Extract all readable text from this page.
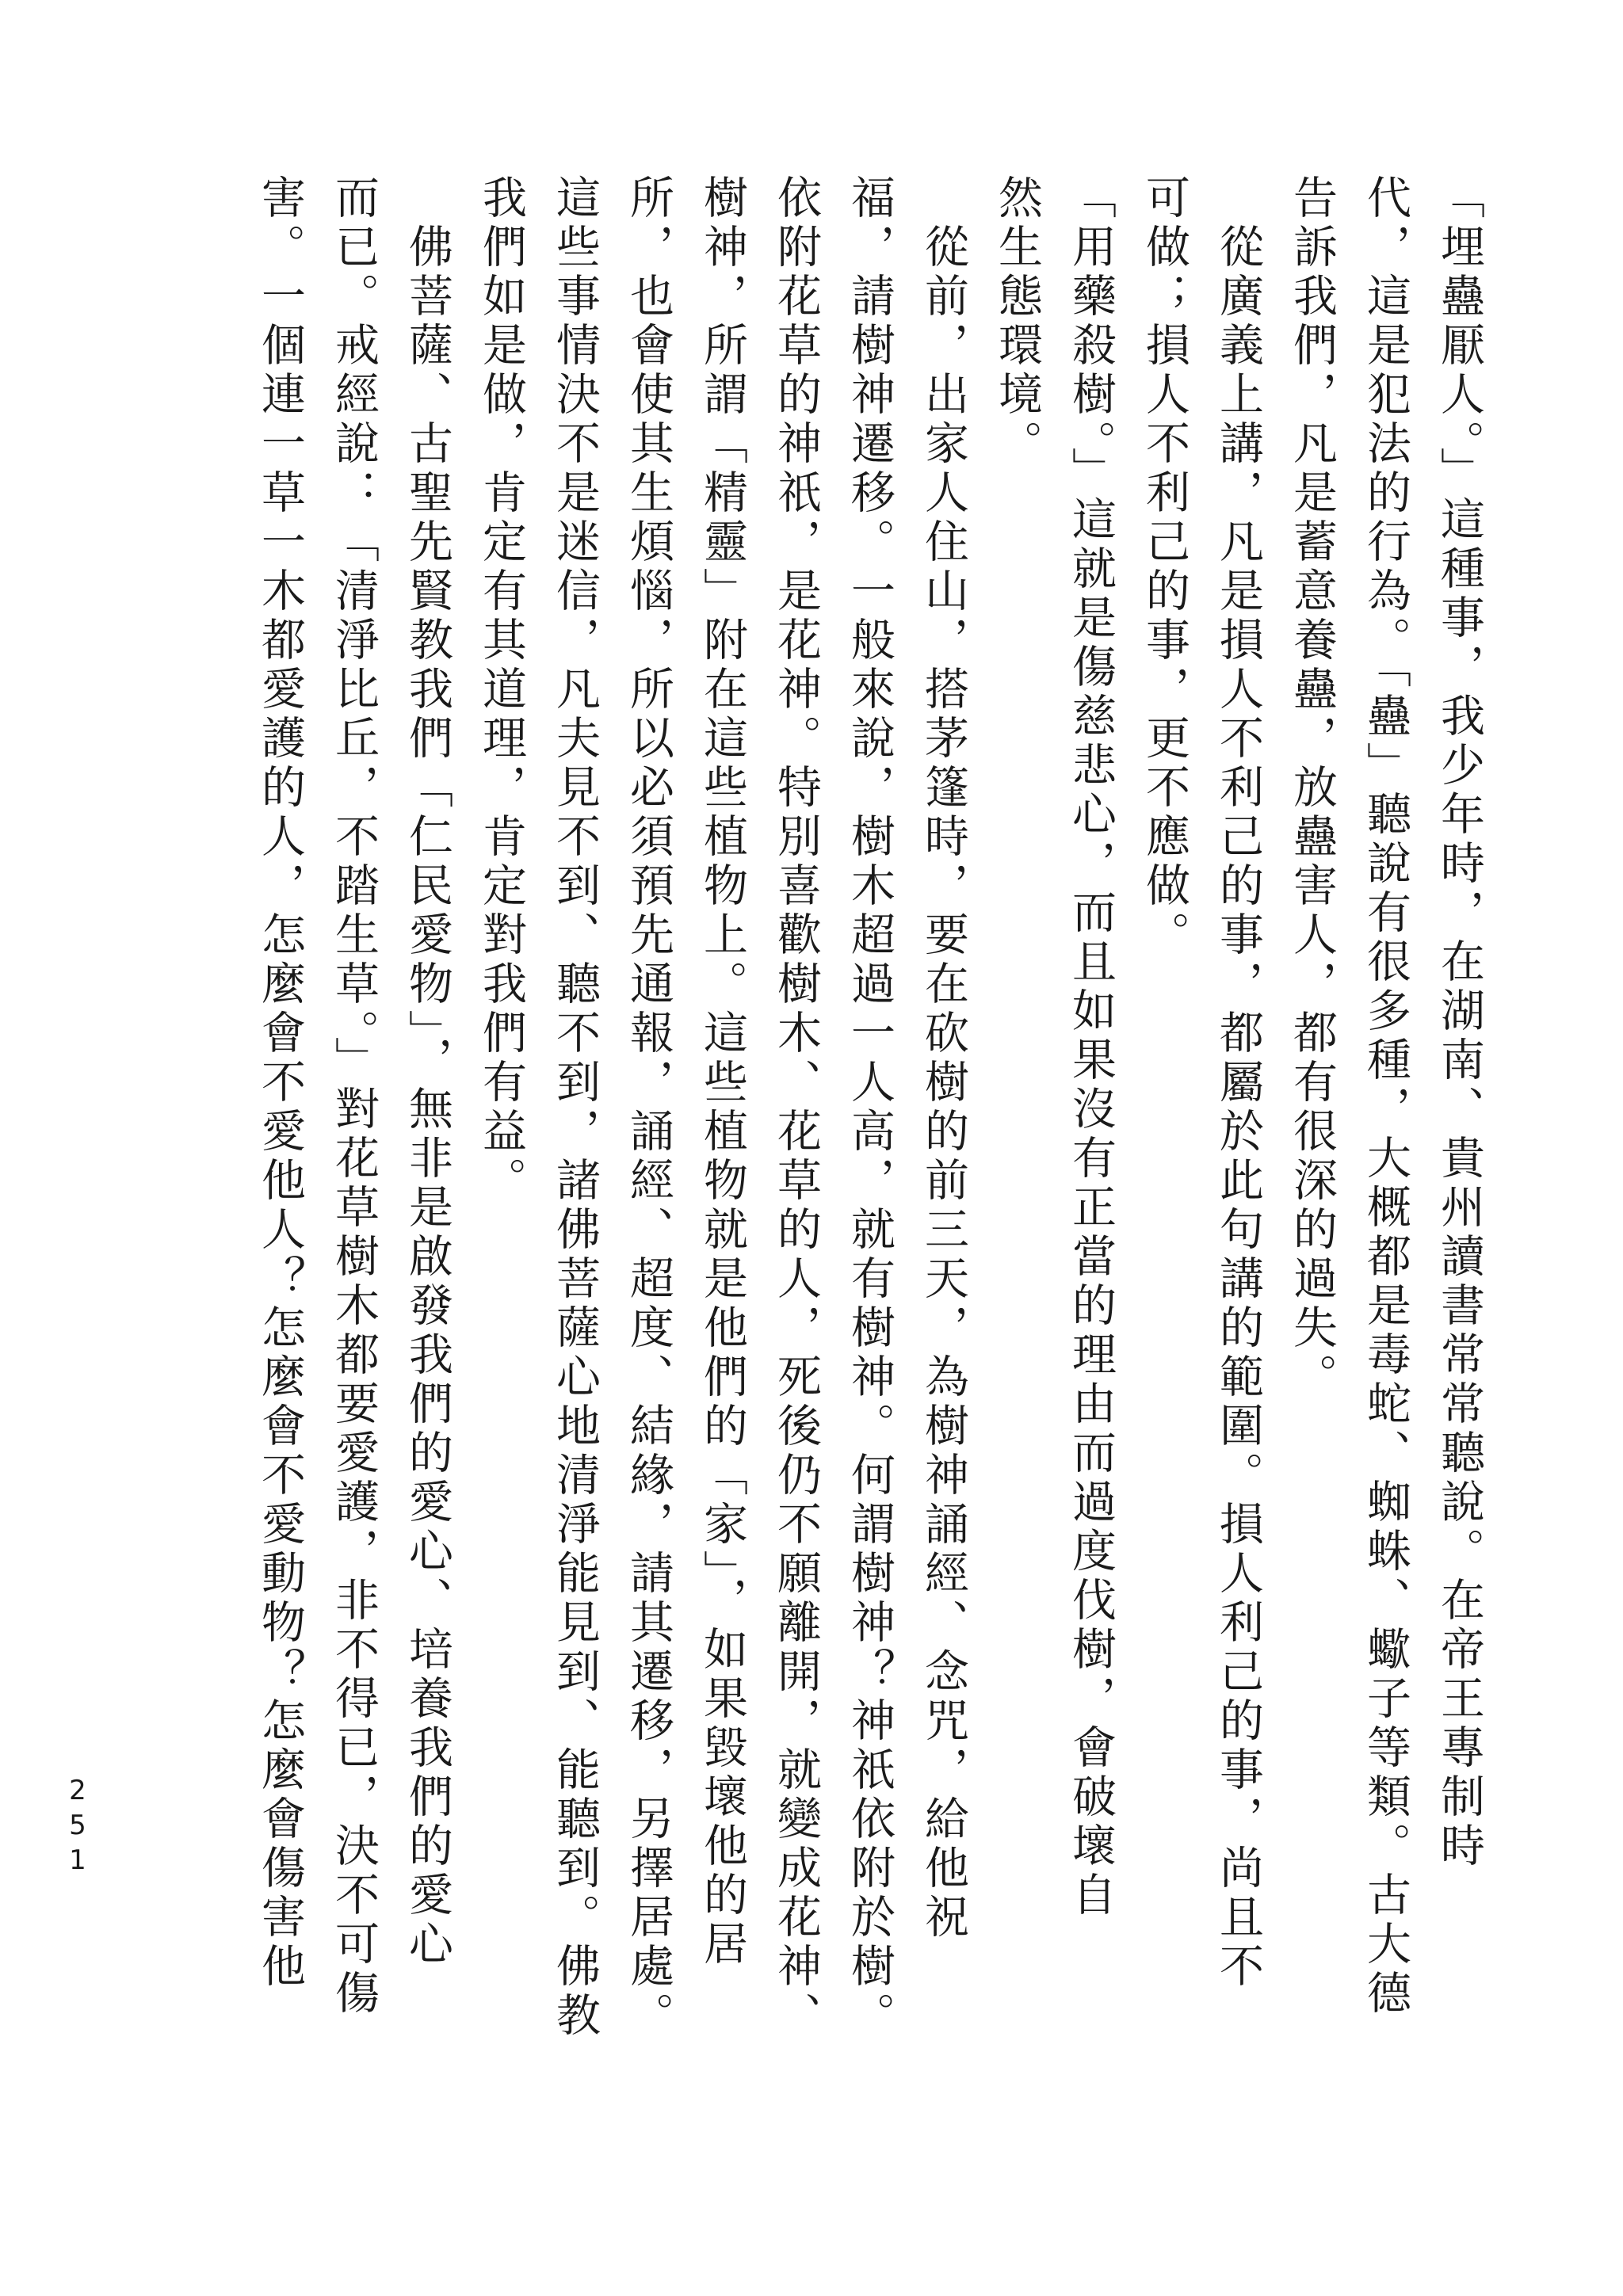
「埋蠱厭人。」這種事，我少年時，在湖南、貴州讀書常常聽說。在帝王專制時

代，這是犯法的行為。「蠱」聽說有很多種，大概都是毒蛇、蜘蛛、蠍子等類。古大德

告訴我們，凡是蓄意養蠱，放蠱害人，都有很深的過失。

　從廣義上講，凡是損人不利己的事，都屬於此句講的範圍。損人利己的事，尚且不

可做；損人不利己的事，更不應做。

「用藥殺樹。」這就是傷慈悲心，而且如果沒有正當的理由而過度伐樹，會破壞自

然生態環境。

　從前，出家人住山，搭茅篷時，要在砍樹的前三天，為樹神誦經、念咒，給他祝

福，請樹神遷移。一般來說，樹木超過一人高，就有樹神。何謂樹神？神祇依附於樹。

依附花草的神祇，是花神。特別喜歡樹木、花草的人，死後仍不願離開，就變成花神、

樹神，所謂「精靈」附在這些植物上。這些植物就是他們的「家」，如果毀壞他的居

所，也會使其生煩惱，所以必須預先通報，誦經、超度、結緣，請其遷移，另擇居處。

這些事情決不是迷信，凡夫見不到、聽不到，諸佛菩薩心地清淨能見到、能聽到。佛教

我們如是做，肯定有其道理，肯定對我們有益。

　佛菩薩、古聖先賢教我們「仁民愛物」，無非是啟發我們的愛心、培養我們的愛心

而已。戒經說：「清淨比丘，不踏生草。」對花草樹木都要愛護，非不得已，決不可傷

害。一個連一草一木都愛護的人，怎麼會不愛他人？怎麼會不愛動物？怎麼會傷害他

251
